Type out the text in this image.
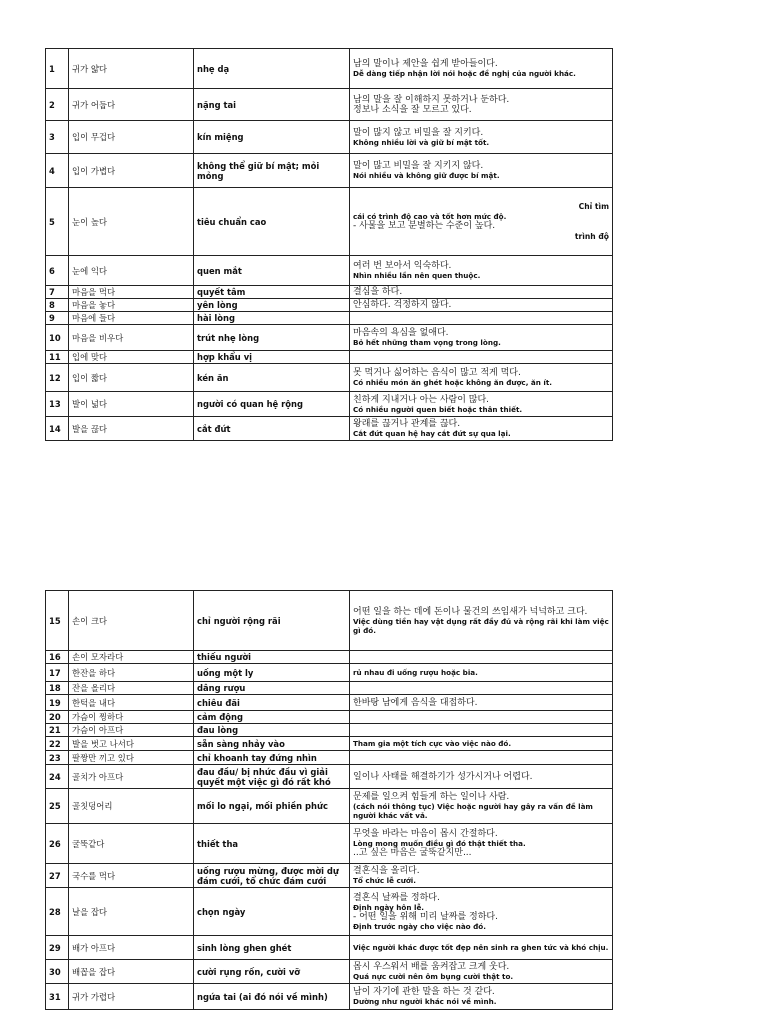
1	귀가 얇다	nhẹ dạ	남의 말이나 제안을 쉽게 받아들이다.
Dễ dàng tiếp nhận lời nói hoặc đề nghị của người khác.

2	귀가 어둡다	nặng tai	남의 말을 잘 이해하지 못하거나 둔하다.
정보나 소식을 잘 모르고 있다.

3	입이 무겁다	kín miệng	말이 많지 않고 비밀을 잘 지키다.
Không nhiều lời và giữ bí mật tốt.

4	입이 가볍다	không thể giữ bí mật; mỏi mỏng	말이 많고 비밀을 잘 지키지 않다.
Nói nhiều và không giữ được bí mật.

5	눈이 높다	tiêu chuẩn cao	Chỉ tìm
cái có trình độ cao và tốt hơn mức độ.
- 사물을 보고 분별하는 수준이 높다.
trình độ

6	눈에 익다	quen mắt	여러 번 보아서 익숙하다.
Nhìn nhiều lần nên quen thuộc.

7	마음을 먹다	quyết tâm	결심을 하다.

8	마음을 놓다	yên lòng	안심하다. 걱정하지 않다.

9	마음에 들다	hài lòng	
10	마음을 비우다	trút nhẹ lòng	마음속의 욕심을 없애다.
Bỏ hết những tham vọng trong lòng.

11	입에 맞다	hợp khẩu vị	
12	입이 짧다	kén ăn	못 먹거나 싫어하는 음식이 많고 적게 먹다.
Có nhiều món ăn ghét hoặc không ăn được, ăn ít.

13	발이 넓다	người có quan hệ rộng	친하게 지내거나 아는 사람이 많다.
Có nhiều người quen biết hoặc thân thiết.

14	발을 끊다	cắt đứt	왕래를 끊거나 관계를 끊다.
Cắt đứt quan hệ hay cắt đứt sự qua lại.
15	손이 크다	chỉ người rộng rãi	어떤 일을 하는 데에 돈이나 물건의 쓰임새가 넉넉하고 크다.
Việc dùng tiền hay vật dụng rất đầy đủ và rộng rãi khi làm việc gì đó.

16	손이 모자라다	thiếu người	
17	한잔을 하다	uống một ly	rủ nhau đi uống rượu hoặc bia.

18	잔을 올리다	dâng rượu	
19	한턱을 내다	chiêu đãi	한바탕 남에게 음식을 대접하다.

20	가슴이 찡하다	cảm động	
21	가슴이 아프다	đau lòng	
22	발을 벗고 나서다	sẵn sàng nhảy vào	Tham gia một tích cực vào việc nào đó.

23	팔짱만 끼고 있다	chỉ khoanh tay đứng nhìn	
24	골치가 아프다	đau đầu/ bị nhức đầu vì giải quyết một việc gì đó rất khó	일이나 사태를 해결하기가 성가시거나 어렵다.

25	골칫덩어리	mối lo ngại, mối phiền phức	문제를 일으켜 힘들게 하는 일이나 사람.
(cách nói thông tục) Việc hoặc người hay gây ra vấn đề làm người khác vất vả.

26	굴뚝같다	thiết tha	무엇을 바라는 마음이 몹시 간절하다.
Lòng mong muốn điều gì đó thật thiết tha.
..고 싶은 마음은 굴뚝같지만...

27	국수를 먹다	uống rượu mừng, được mời dự đám cưới, tổ chức đám cưới	결혼식을 올리다.
Tổ chức lễ cưới.

28	날을 잡다	chọn ngày	결혼식 날짜를 정하다.
Định ngày hôn lễ.
- 어떤 일을 위해 미리 날짜를 정하다.
Định trước ngày cho việc nào đó.

29	배가 아프다	sinh lòng ghen ghét	Việc người khác được tốt đẹp nên sinh ra ghen tức và khó chịu.

30	배꼽을 잡다	cười rụng rốn, cười vỡ	몹시 우스워서 배를 움켜잡고 크게 웃다.
Quá nực cười nên ôm bụng cười thật to.

31	귀가 가렵다	ngứa tai (ai đó nói về mình)	남이 자기에 관한 말을 하는 것 같다.
Dường như người khác nói về mình.
